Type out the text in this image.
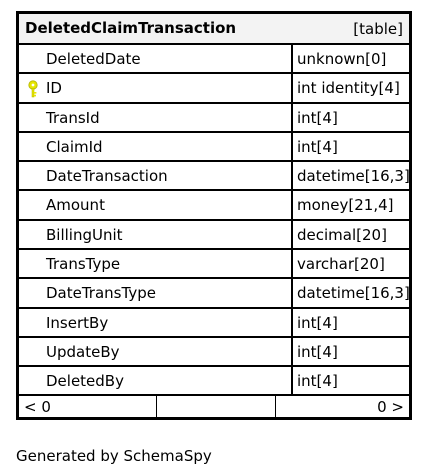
DeletedClaimTransaction	[table]
DeletedDate	unknown[0]
ID	int identity[4]
TransId	int[4]
ClaimId	int[4]
DateTransaction	datetime[16,3]
Amount	money[21,4]
BillingUnit	decimal[20]
TransType	varchar[20]
DateTransType	datetime[16,3]
InsertBy	int[4]
UpdateBy	int[4]
DeletedBy	int[4]
< 0	0 >
Generated by SchemaSpy
